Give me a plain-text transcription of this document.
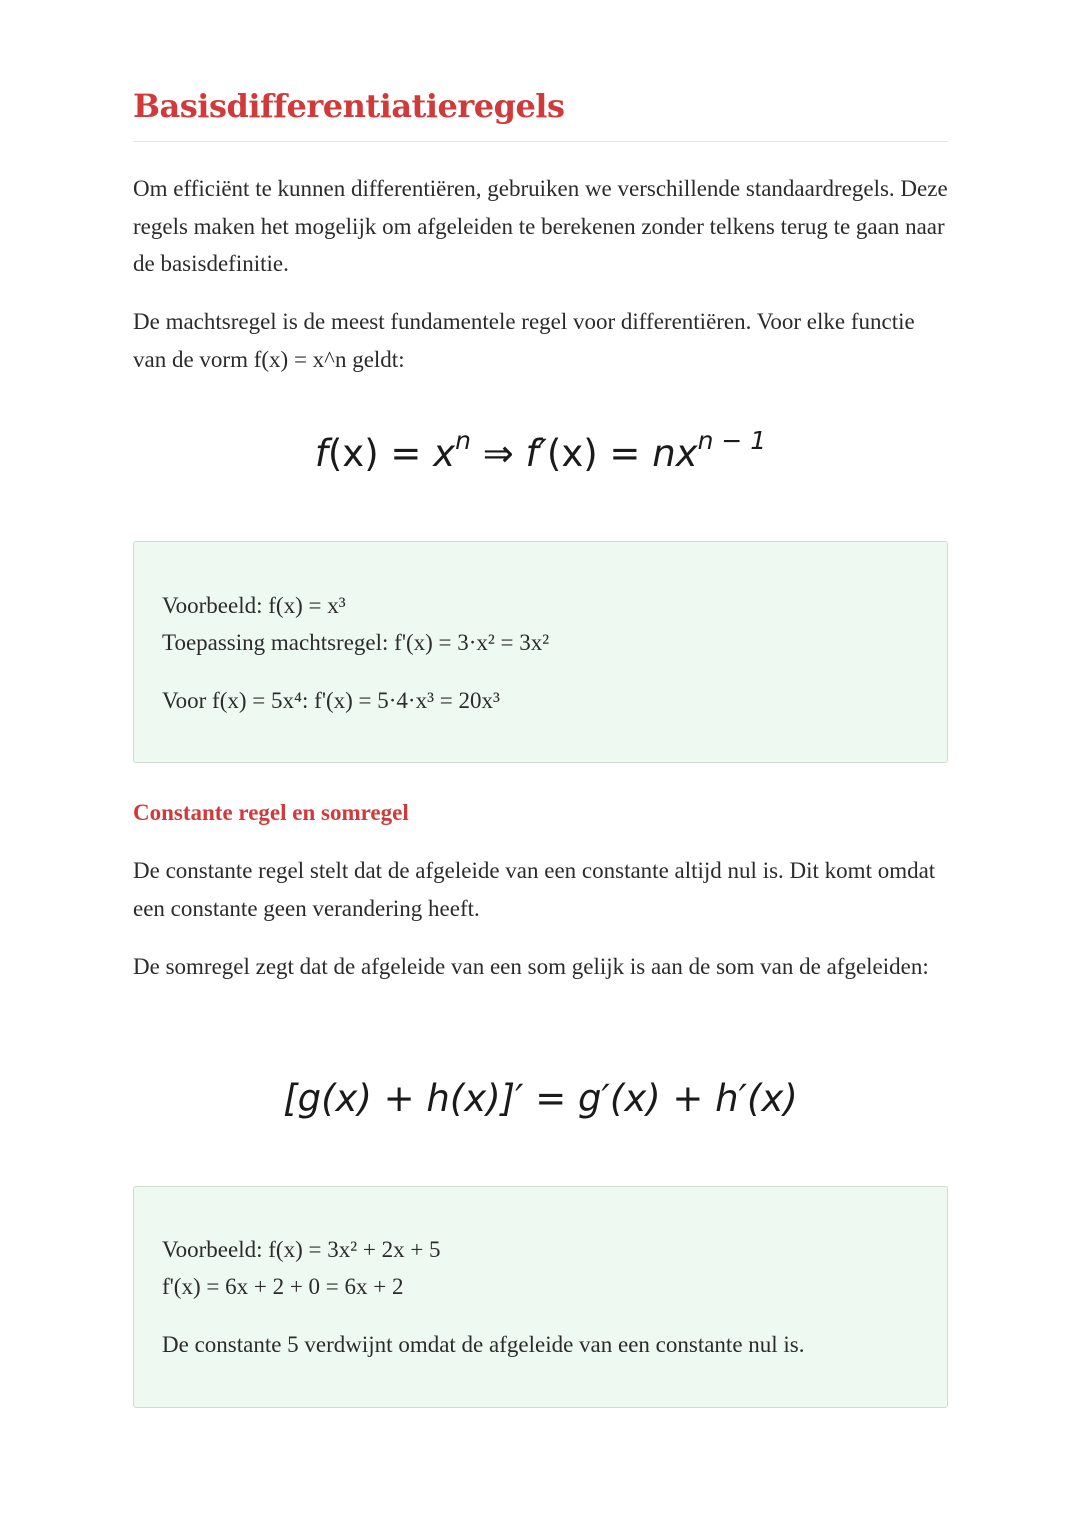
Basisdifferentiatieregels

Om efficiënt te kunnen differentiëren, gebruiken we verschillende standaardregels. Deze regels maken het mogelijk om afgeleiden te berekenen zonder telkens terug te gaan naar de basisdefinitie.

De machtsregel is de meest fundamentele regel voor differentiëren. Voor elke functie van de vorm f(x) = x^n geldt:

$f(x) = x^n$ ⇒ $f'(x) = nx^{n - 1}$
Voorbeeld: f(x) = x³
Toepassing machtsregel: f'(x) = 3·x² = 3x²
Voor f(x) = 5x⁴: f'(x) = 5·4·x³ = 20x³
Constante regel en somregel

De constante regel stelt dat de afgeleide van een constante altijd nul is. Dit komt omdat een constante geen verandering heeft.

De somregel zegt dat de afgeleide van een som gelijk is aan de som van de afgeleiden:

[g(x) + h(x)]′ = g′(x) + h′(x)
Voorbeeld: f(x) = 3x² + 2x + 5
f'(x) = 6x + 2 + 0 = 6x + 2
De constante 5 verdwijnt omdat de afgeleide van een constante nul is.
